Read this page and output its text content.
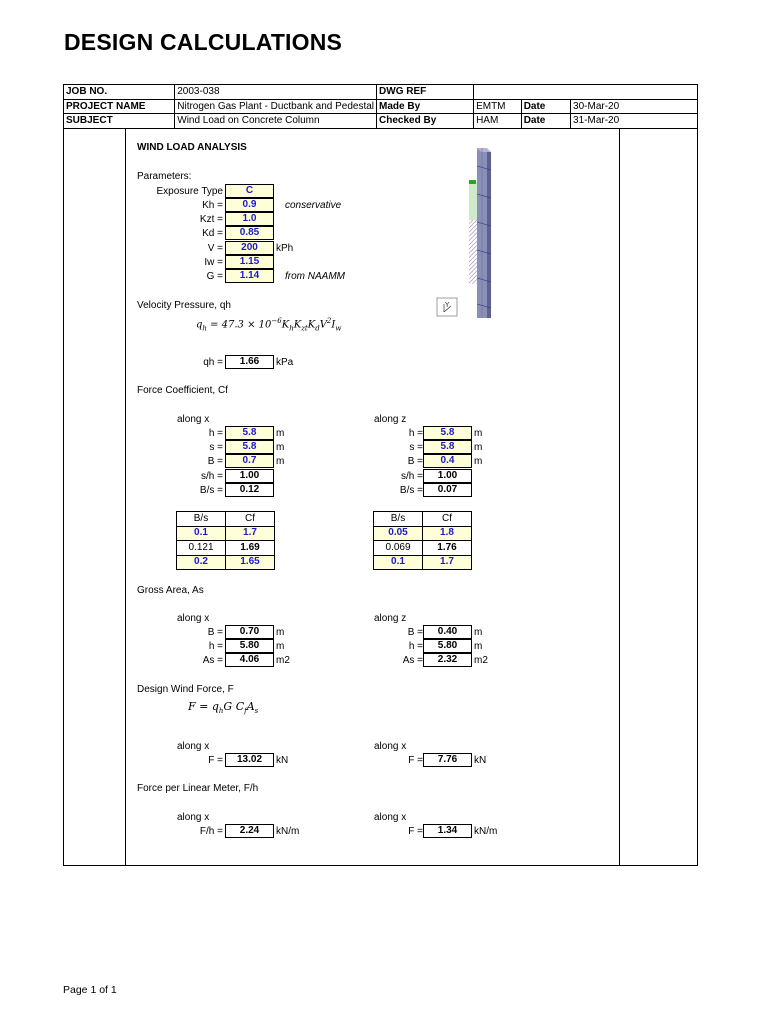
DESIGN CALCULATIONS
JOB NO.	2003-038	DWG REF			
PROJECT NAME	Nitrogen Gas Plant - Ductbank and Pedestal	Made By	EMTM	Date	30-Mar-20
SUBJECT	Wind Load on Concrete Column	Checked By	HAM	Date	31-Mar-20
Y
WIND LOAD ANALYSIS
Parameters:
Exposure Type	C
Kh =	0.9	conservative
Kzt =	1.0
Kd =	0.85
V =	200	kPh
Iw =	1.15
G =	1.14	from NAAMM
Velocity Pressure, qh
$q_h = 47.3 \times 10^{-6}K_hK_{zt}K_dV^2I_w$
qh =	1.66	kPa
Force Coefficient, Cf
along x
h =	5.8	m
s =	5.8	m
B =	0.7	m
s/h =	1.00
B/s =	0.12
B/s	Cf
0.1	1.7
0.121	1.69
0.2	1.65
along z
h =	5.8	m
s =	5.8	m
B =	0.4	m
s/h =	1.00
B/s =	0.07
B/s	Cf
0.05	1.8
0.069	1.76
0.1	1.7
Gross Area, As
along x
B =	0.70	m
h =	5.80	m
As =	4.06	m2
along z
B =	0.40	m
h =	5.80	m
As =	2.32	m2
Design Wind Force, F
$F = q_hG$ $C_fA_s$
along x
F =	13.02	kN
along x
F =	7.76	kN
Force per Linear Meter, F/h
along x
F/h =	2.24	kN/m
along x
F =	1.34	kN/m
Page 1 of 1
